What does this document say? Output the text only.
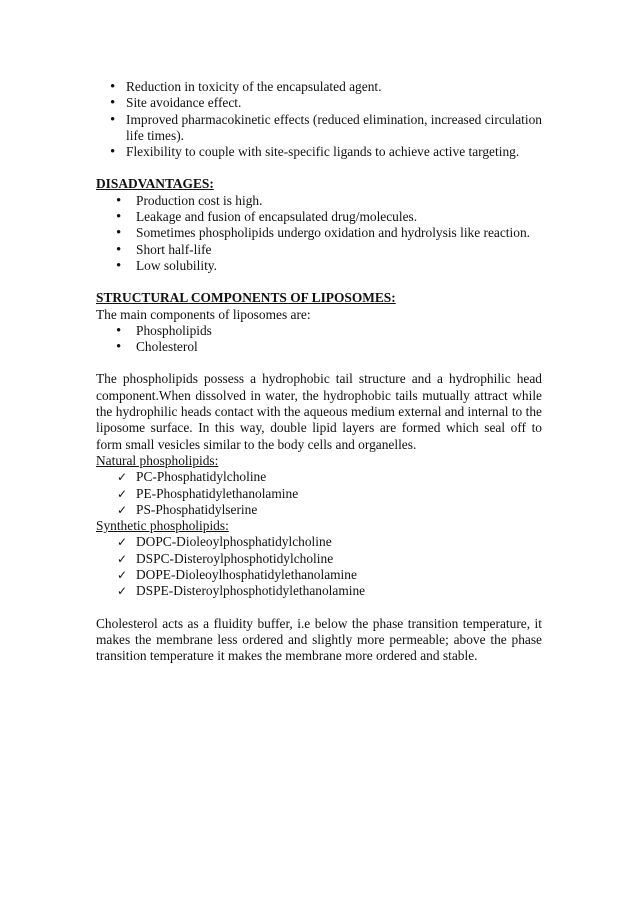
• Reduction in toxicity of the encapsulated agent.
• Site avoidance effect.
• Improved pharmacokinetic effects (reduced elimination, increased circulation life times).
• Flexibility to couple with site-specific ligands to achieve active targeting.

DISADVANTAGES:

• Production cost is high.
• Leakage and fusion of encapsulated drug/molecules.
• Sometimes phospholipids undergo oxidation and hydrolysis like reaction.
• Short half-life
• Low solubility.

STRUCTURAL COMPONENTS OF LIPOSOMES:

The main components of liposomes are:

• Phospholipids
• Cholesterol

The phospholipids possess a hydrophobic tail structure and a hydrophilic head component.When dissolved in water, the hydrophobic tails mutually attract while the hydrophilic heads contact with the aqueous medium external and internal to the liposome surface. In this way, double lipid layers are formed which seal off to form small vesicles similar to the body cells and organelles.

Natural phospholipids:

✓ PC-Phosphatidylcholine
✓ PE-Phosphatidylethanolamine
✓ PS-Phosphatidylserine

Synthetic phospholipids:

✓ DOPC-Dioleoylphosphatidylcholine
✓ DSPC-Disteroylphosphotidylcholine
✓ DOPE-Dioleoylhosphatidylethanolamine
✓ DSPE-Disteroylphosphotidylethanolamine

Cholesterol acts as a fluidity buffer, i.e below the phase transition temperature, it makes the membrane less ordered and slightly more permeable; above the phase transition temperature it makes the membrane more ordered and stable.
